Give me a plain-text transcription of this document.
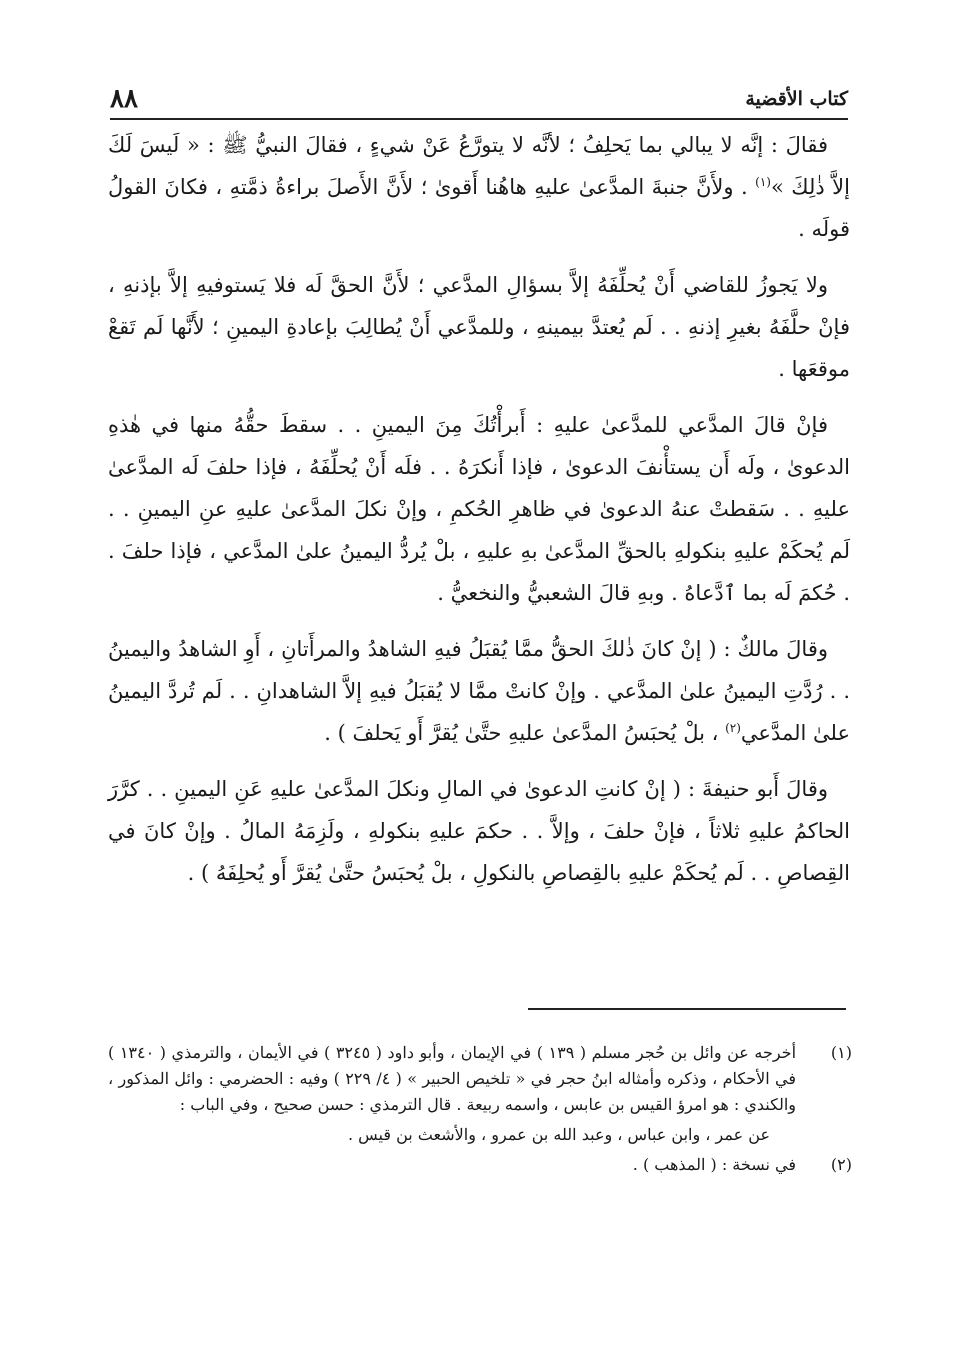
كتاب الأقضية
٨٨

فقالَ : إنَّه لا يبالي بما يَحلِفُ ؛ لأنَّه لا يتورَّعُ عَنْ شيءٍ ، فقالَ النبيُّ ﷺ : « لَيسَ لَكَ إلاَّ ذٰلِكَ »$^{(١)}$ . ولأَنَّ جنبةَ المدَّعىٰ عليهِ هاهُنا أَقوىٰ ؛ لأَنَّ الأَصلَ براءةُ ذمَّتهِ ، فكانَ القولُ قولَه .

ولا يَجوزُ للقاضي أَنْ يُحلِّفَهُ إلاَّ بسؤالِ المدَّعي ؛ لأَنَّ الحقَّ لَه فلا يَستوفيهِ إلاَّ بإذنهِ ، فإنْ حلَّفَهُ بغيرِ إذنهِ . . لَم يُعتدَّ بيمينهِ ، وللمدَّعي أَنْ يُطالِبَ بإعادةِ اليمينِ ؛ لأَنَّها لَم تَقعْ موقعَها .

فإنْ قالَ المدَّعي للمدَّعىٰ عليهِ : أَبرأْتُكَ مِنَ اليمينِ . . سقطَ حقُّهُ منها في هٰذهِ الدعوىٰ ، ولَه أَن يستأْنفَ الدعوىٰ ، فإذا أَنكرَهُ . . فلَه أَنْ يُحلِّفَهُ ، فإذا حلفَ لَه المدَّعىٰ عليهِ . . سَقطتْ عنهُ الدعوىٰ في ظاهرِ الحُكمِ ، وإنْ نكلَ المدَّعىٰ عليهِ عنِ اليمينِ . . لَم يُحكَمْ عليهِ بنكولهِ بالحقِّ المدَّعىٰ بهِ عليهِ ، بلْ يُردُّ اليمينُ علىٰ المدَّعي ، فإذا حلفَ . . حُكمَ لَه بما ٱدَّعاهُ . وبهِ قالَ الشعبيُّ والنخعيُّ .

وقالَ مالكٌ : ( إنْ كانَ ذٰلكَ الحقُّ ممَّا يُقبَلُ فيهِ الشاهدُ والمرأَتانِ ، أَوِ الشاهدُ واليمينُ . . رُدَّتِ اليمينُ علىٰ المدَّعي . وإنْ كانتْ ممَّا لا يُقبَلُ فيهِ إلاَّ الشاهدانِ . . لَم تُردَّ اليمينُ علىٰ المدَّعي$^{(٢)}$ ، بلْ يُحبَسُ المدَّعىٰ عليهِ حتَّىٰ يُقرَّ أَو يَحلفَ ) .

وقالَ أَبو حنيفةَ : ( إنْ كانتِ الدعوىٰ في المالِ ونكلَ المدَّعىٰ عليهِ عَنِ اليمينِ . . كرَّرَ الحاكمُ عليهِ ثلاثاً ، فإنْ حلفَ ، وإلاَّ . . حكمَ عليهِ بنكولهِ ، ولَزِمَهُ المالُ . وإنْ كانَ في القِصاصِ . . لَم يُحكَمْ عليهِ بالقِصاصِ بالنكولِ ، بلْ يُحبَسُ حتَّىٰ يُقرَّ أَو يُحلِفَهُ ) .

(١)
أخرجه عن وائل بن حُجر مسلم ( ١٣٩ ) في الإيمان ، وأبو داود ( ٣٢٤٥ ) في الأيمان ، والترمذي ( ١٣٤٠ ) في الأحكام ، وذكره وأمثاله ابنُ حجر في « تلخيص الحبير » ( ٤/ ٢٢٩ ) وفيه : الحضرمي : وائل المذكور ، والكندي : هو امرؤ القيس بن عابس ، واسمه ربيعة . قال الترمذي : حسن صحيح ، وفي الباب :
عن عمر ، وابن عباس ، وعبد الله بن عمرو ، والأشعث بن قيس .
(٢)
في نسخة : ( المذهب ) .
